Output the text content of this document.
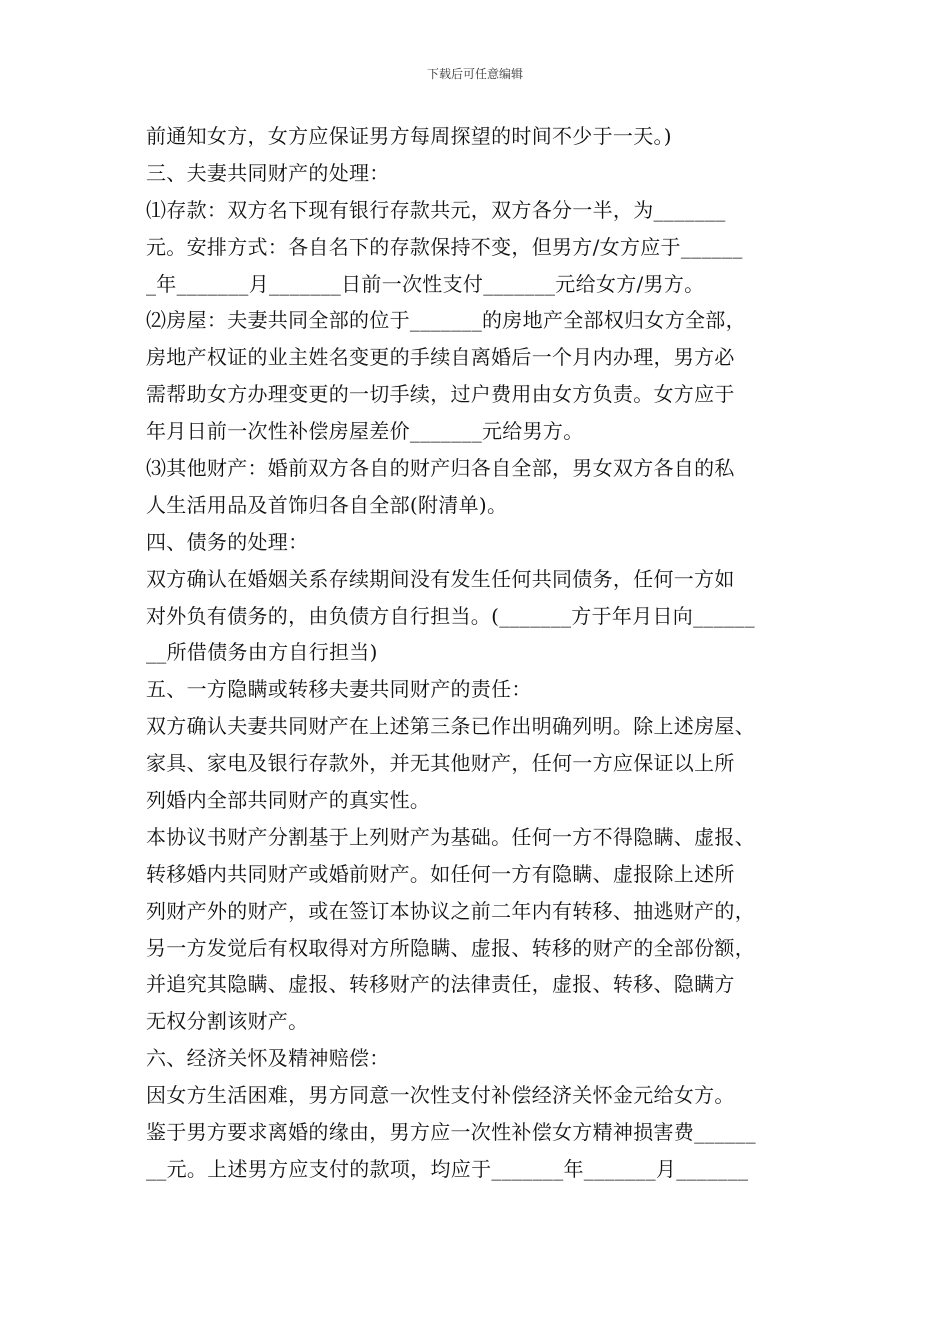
下载后可任意编辑
前通知女方，女方应保证男方每周探望的时间不少于一天。)
三、夫妻共同财产的处理：
⑴存款：双方名下现有银行存款共元，双方各分一半，为_______
元。安排方式：各自名下的存款保持不变，但男方/女方应于______
_年_______月_______日前一次性支付_______元给女方/男方。
⑵房屋：夫妻共同全部的位于_______的房地产全部权归女方全部，
房地产权证的业主姓名变更的手续自离婚后一个月内办理，男方必
需帮助女方办理变更的一切手续，过户费用由女方负责。女方应于
年月日前一次性补偿房屋差价_______元给男方。
⑶其他财产：婚前双方各自的财产归各自全部，男女双方各自的私
人生活用品及首饰归各自全部(附清单)。
四、债务的处理：
双方确认在婚姻关系存续期间没有发生任何共同债务，任何一方如
对外负有债务的，由负债方自行担当。(_______方于年月日向______
__所借债务由方自行担当)
五、一方隐瞒或转移夫妻共同财产的责任：
双方确认夫妻共同财产在上述第三条已作出明确列明。除上述房屋、
家具、家电及银行存款外，并无其他财产，任何一方应保证以上所
列婚内全部共同财产的真实性。
本协议书财产分割基于上列财产为基础。任何一方不得隐瞒、虚报、
转移婚内共同财产或婚前财产。如任何一方有隐瞒、虚报除上述所
列财产外的财产，或在签订本协议之前二年内有转移、抽逃财产的，
另一方发觉后有权取得对方所隐瞒、虚报、转移的财产的全部份额，
并追究其隐瞒、虚报、转移财产的法律责任，虚报、转移、隐瞒方
无权分割该财产。
六、经济关怀及精神赔偿：
因女方生活困难，男方同意一次性支付补偿经济关怀金元给女方。
鉴于男方要求离婚的缘由，男方应一次性补偿女方精神损害费______
__元。上述男方应支付的款项，均应于_______年_______月_______
